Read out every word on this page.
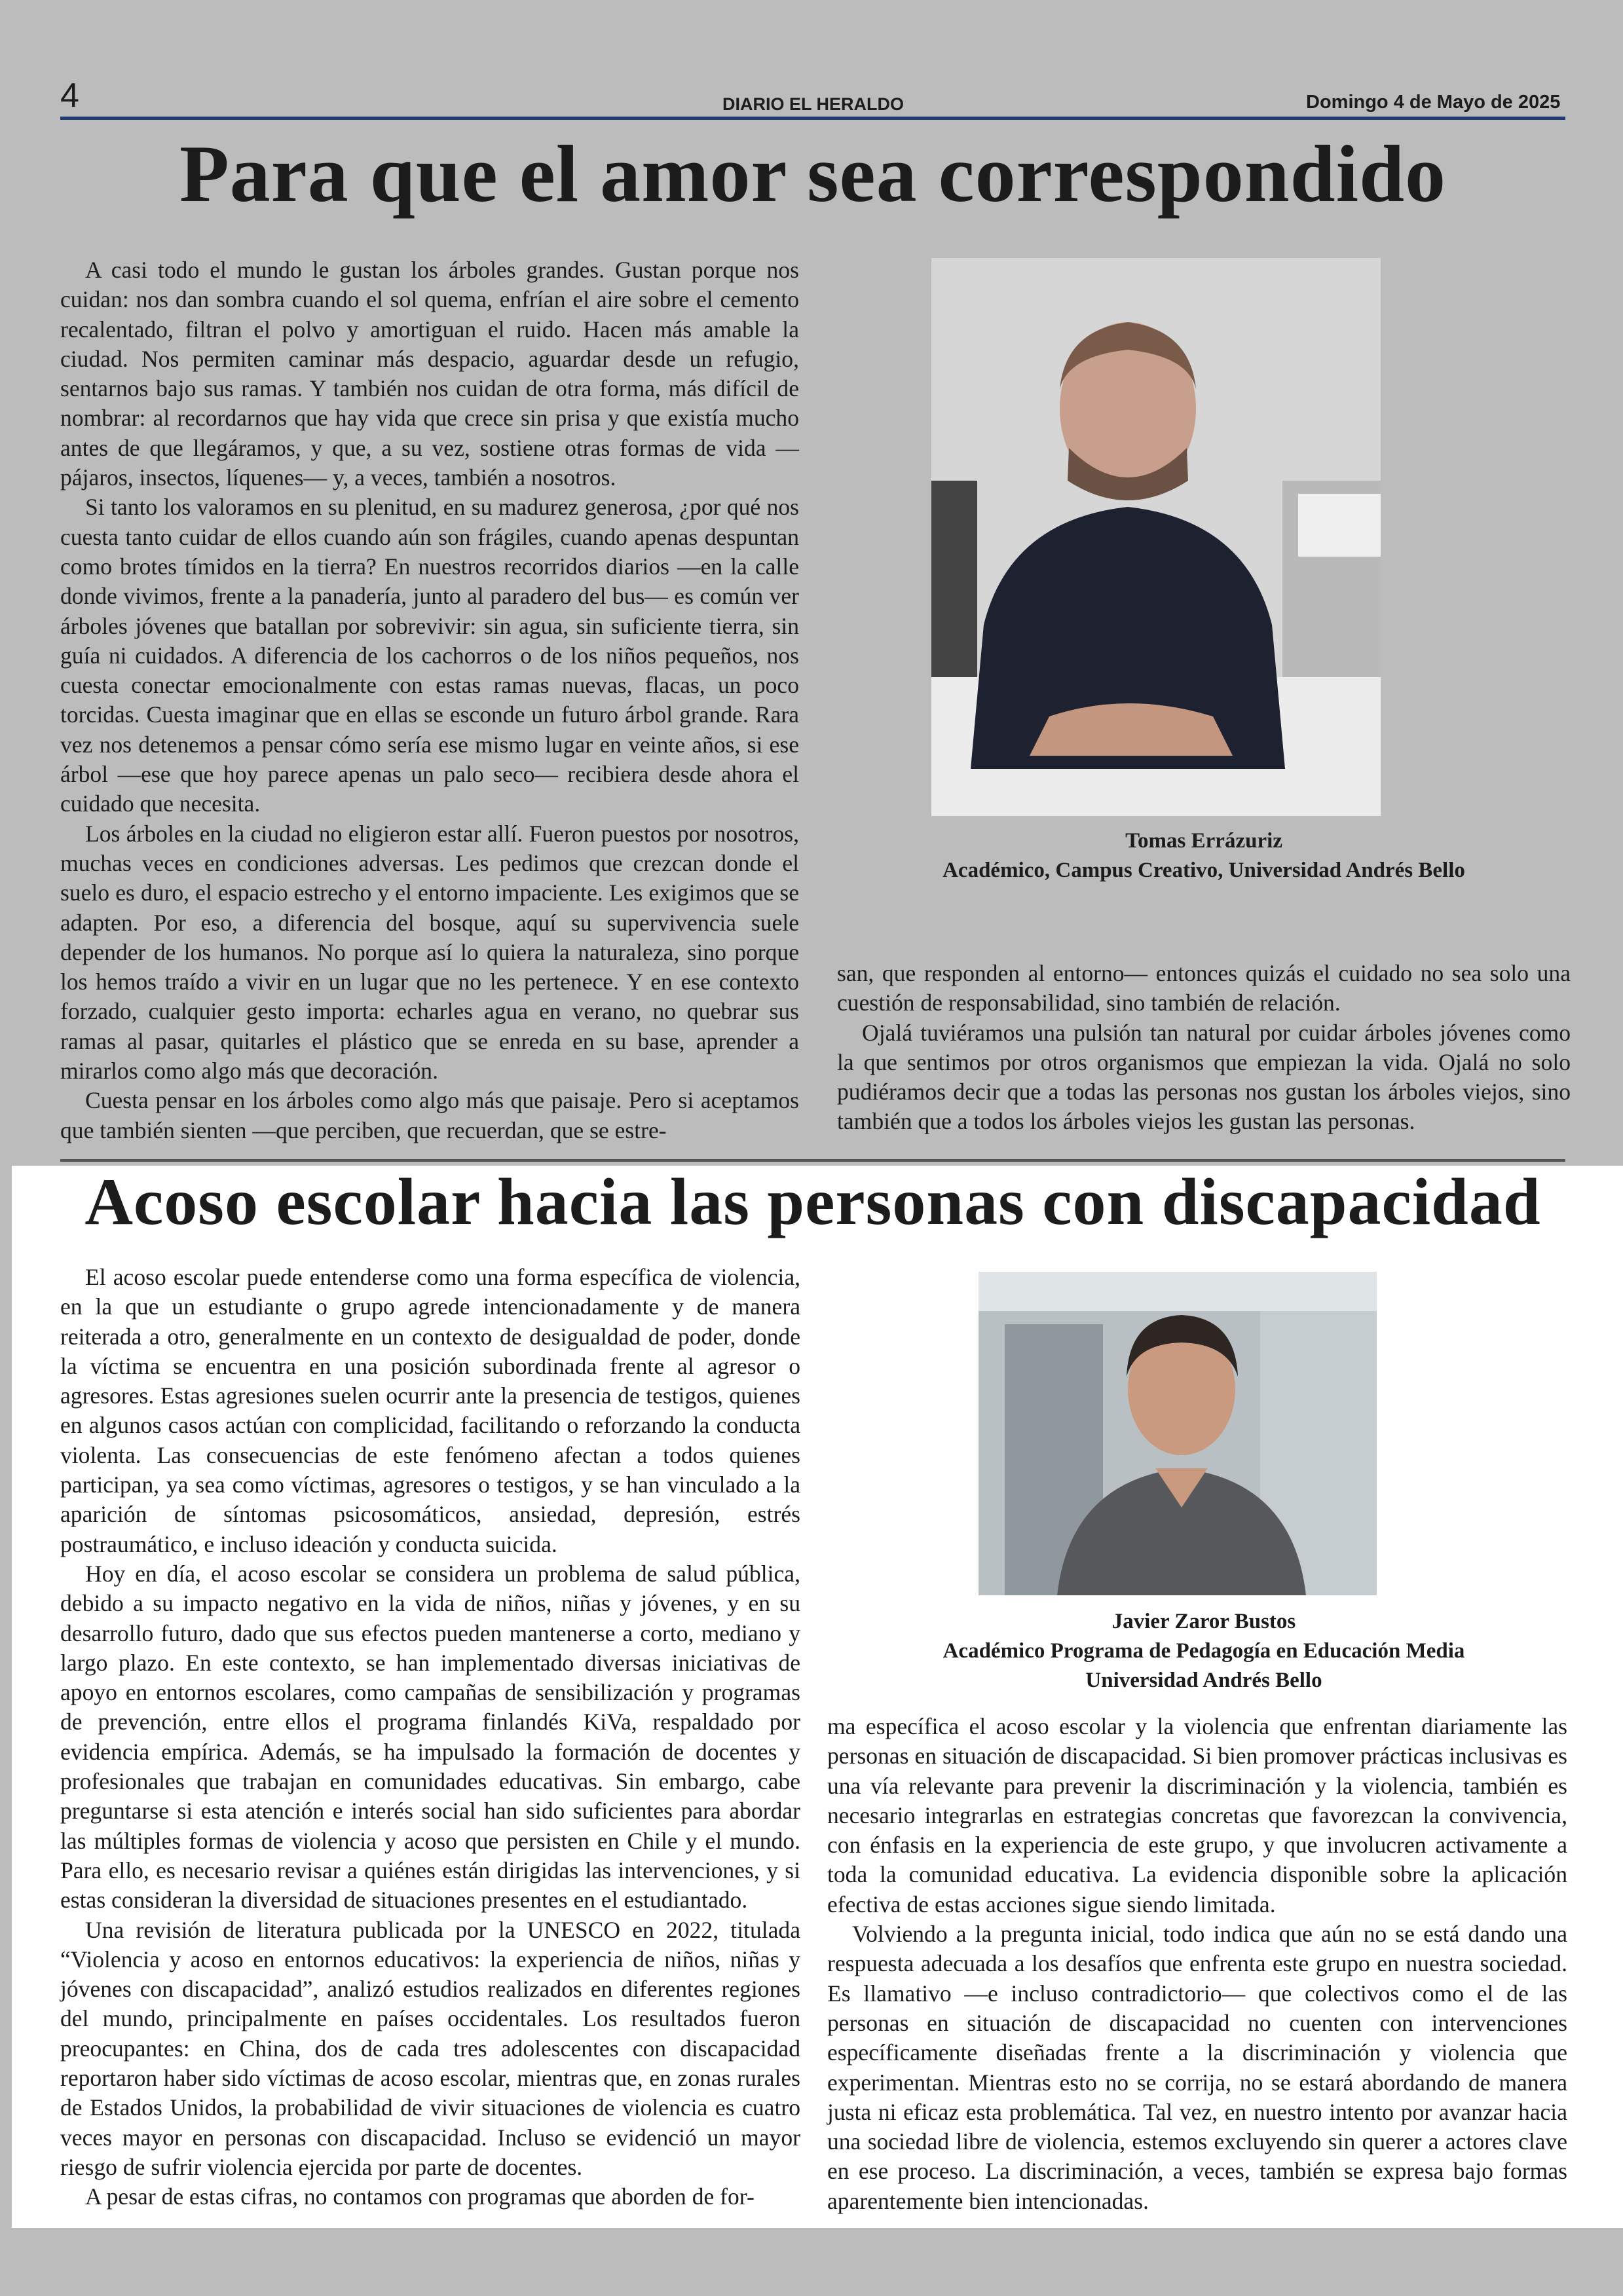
4	DIARIO EL HERALDO	Domingo 4 de Mayo de 2025
Para que el amor sea correspondido

A casi todo el mundo le gustan los árboles grandes. Gustan porque nos cuidan: nos dan sombra cuando el sol quema, enfrían el aire sobre el cemento recalentado, filtran el polvo y amortiguan el ruido. Hacen más amable la ciudad. Nos permiten caminar más despacio, aguardar desde un refugio, sentarnos bajo sus ramas. Y también nos cuidan de otra forma, más difícil de nombrar: al recordarnos que hay vida que crece sin prisa y que existía mucho antes de que llegáramos, y que, a su vez, sostiene otras formas de vida —pájaros, insectos, líquenes— y, a veces, también a nosotros.

Si tanto los valoramos en su plenitud, en su madurez generosa, ¿por qué nos cuesta tanto cuidar de ellos cuando aún son frágiles, cuando apenas despuntan como brotes tímidos en la tierra? En nuestros recorridos diarios —en la calle donde vivimos, frente a la panadería, junto al paradero del bus— es común ver árboles jóvenes que batallan por sobrevivir: sin agua, sin suficiente tierra, sin guía ni cuidados. A diferencia de los cachorros o de los niños pequeños, nos cuesta conectar emocionalmente con estas ramas nuevas, flacas, un poco torcidas. Cuesta imaginar que en ellas se esconde un futuro árbol grande. Rara vez nos detenemos a pensar cómo sería ese mismo lugar en veinte años, si ese árbol —ese que hoy parece apenas un palo seco— recibiera desde ahora el cuidado que necesita.

Los árboles en la ciudad no eligieron estar allí. Fueron puestos por nosotros, muchas veces en condiciones adversas. Les pedimos que crezcan donde el suelo es duro, el espacio estrecho y el entorno impaciente. Les exigimos que se adapten. Por eso, a diferencia del bosque, aquí su supervivencia suele depender de los humanos. No porque así lo quiera la naturaleza, sino porque los hemos traído a vivir en un lugar que no les pertenece. Y en ese contexto forzado, cualquier gesto importa: echarles agua en verano, no quebrar sus ramas al pasar, quitarles el plástico que se enreda en su base, aprender a mirarlos como algo más que decoración.

Cuesta pensar en los árboles como algo más que paisaje. Pero si aceptamos que también sienten —que perciben, que recuerdan, que se estre-

Tomas Errázuriz
Académico, Campus Creativo, Universidad Andrés Bello

san, que responden al entorno— entonces quizás el cuidado no sea solo una cuestión de responsabilidad, sino también de relación.

Ojalá tuviéramos una pulsión tan natural por cuidar árboles jóvenes como la que sentimos por otros organismos que empiezan la vida. Ojalá no solo pudiéramos decir que a todas las personas nos gustan los árboles viejos, sino también que a todos los árboles viejos les gustan las personas.

Acoso escolar hacia las personas con discapacidad

El acoso escolar puede entenderse como una forma específica de violencia, en la que un estudiante o grupo agrede intencionadamente y de manera reiterada a otro, generalmente en un contexto de desigualdad de poder, donde la víctima se encuentra en una posición subordinada frente al agresor o agresores. Estas agresiones suelen ocurrir ante la presencia de testigos, quienes en algunos casos actúan con complicidad, facilitando o reforzando la conducta violenta. Las consecuencias de este fenómeno afectan a todos quienes participan, ya sea como víctimas, agresores o testigos, y se han vinculado a la aparición de síntomas psicosomáticos, ansiedad, depresión, estrés postraumático, e incluso ideación y conducta suicida.

Hoy en día, el acoso escolar se considera un problema de salud pública, debido a su impacto negativo en la vida de niños, niñas y jóvenes, y en su desarrollo futuro, dado que sus efectos pueden mantenerse a corto, mediano y largo plazo. En este contexto, se han implementado diversas iniciativas de apoyo en entornos escolares, como campañas de sensibilización y programas de prevención, entre ellos el programa finlandés KiVa, respaldado por evidencia empírica. Además, se ha impulsado la formación de docentes y profesionales que trabajan en comunidades educativas. Sin embargo, cabe preguntarse si esta atención e interés social han sido suficientes para abordar las múltiples formas de violencia y acoso que persisten en Chile y el mundo. Para ello, es necesario revisar a quiénes están dirigidas las intervenciones, y si estas consideran la diversidad de situaciones presentes en el estudiantado.

Una revisión de literatura publicada por la UNESCO en 2022, titulada “Violencia y acoso en entornos educativos: la experiencia de niños, niñas y jóvenes con discapacidad”, analizó estudios realizados en diferentes regiones del mundo, principalmente en países occidentales. Los resultados fueron preocupantes: en China, dos de cada tres adolescentes con discapacidad reportaron haber sido víctimas de acoso escolar, mientras que, en zonas rurales de Estados Unidos, la probabilidad de vivir situaciones de violencia es cuatro veces mayor en personas con discapacidad. Incluso se evidenció un mayor riesgo de sufrir violencia ejercida por parte de docentes.

A pesar de estas cifras, no contamos con programas que aborden de for-

Javier Zaror Bustos
Académico Programa de Pedagogía en Educación Media
Universidad Andrés Bello

ma específica el acoso escolar y la violencia que enfrentan diariamente las personas en situación de discapacidad. Si bien promover prácticas inclusivas es una vía relevante para prevenir la discriminación y la violencia, también es necesario integrarlas en estrategias concretas que favorezcan la convivencia, con énfasis en la experiencia de este grupo, y que involucren activamente a toda la comunidad educativa. La evidencia disponible sobre la aplicación efectiva de estas acciones sigue siendo limitada.

Volviendo a la pregunta inicial, todo indica que aún no se está dando una respuesta adecuada a los desafíos que enfrenta este grupo en nuestra sociedad. Es llamativo —e incluso contradictorio— que colectivos como el de las personas en situación de discapacidad no cuenten con intervenciones específicamente diseñadas frente a la discriminación y violencia que experimentan. Mientras esto no se corrija, no se estará abordando de manera justa ni eficaz esta problemática. Tal vez, en nuestro intento por avanzar hacia una sociedad libre de violencia, estemos excluyendo sin querer a actores clave en ese proceso. La discriminación, a veces, también se expresa bajo formas aparentemente bien intencionadas.
